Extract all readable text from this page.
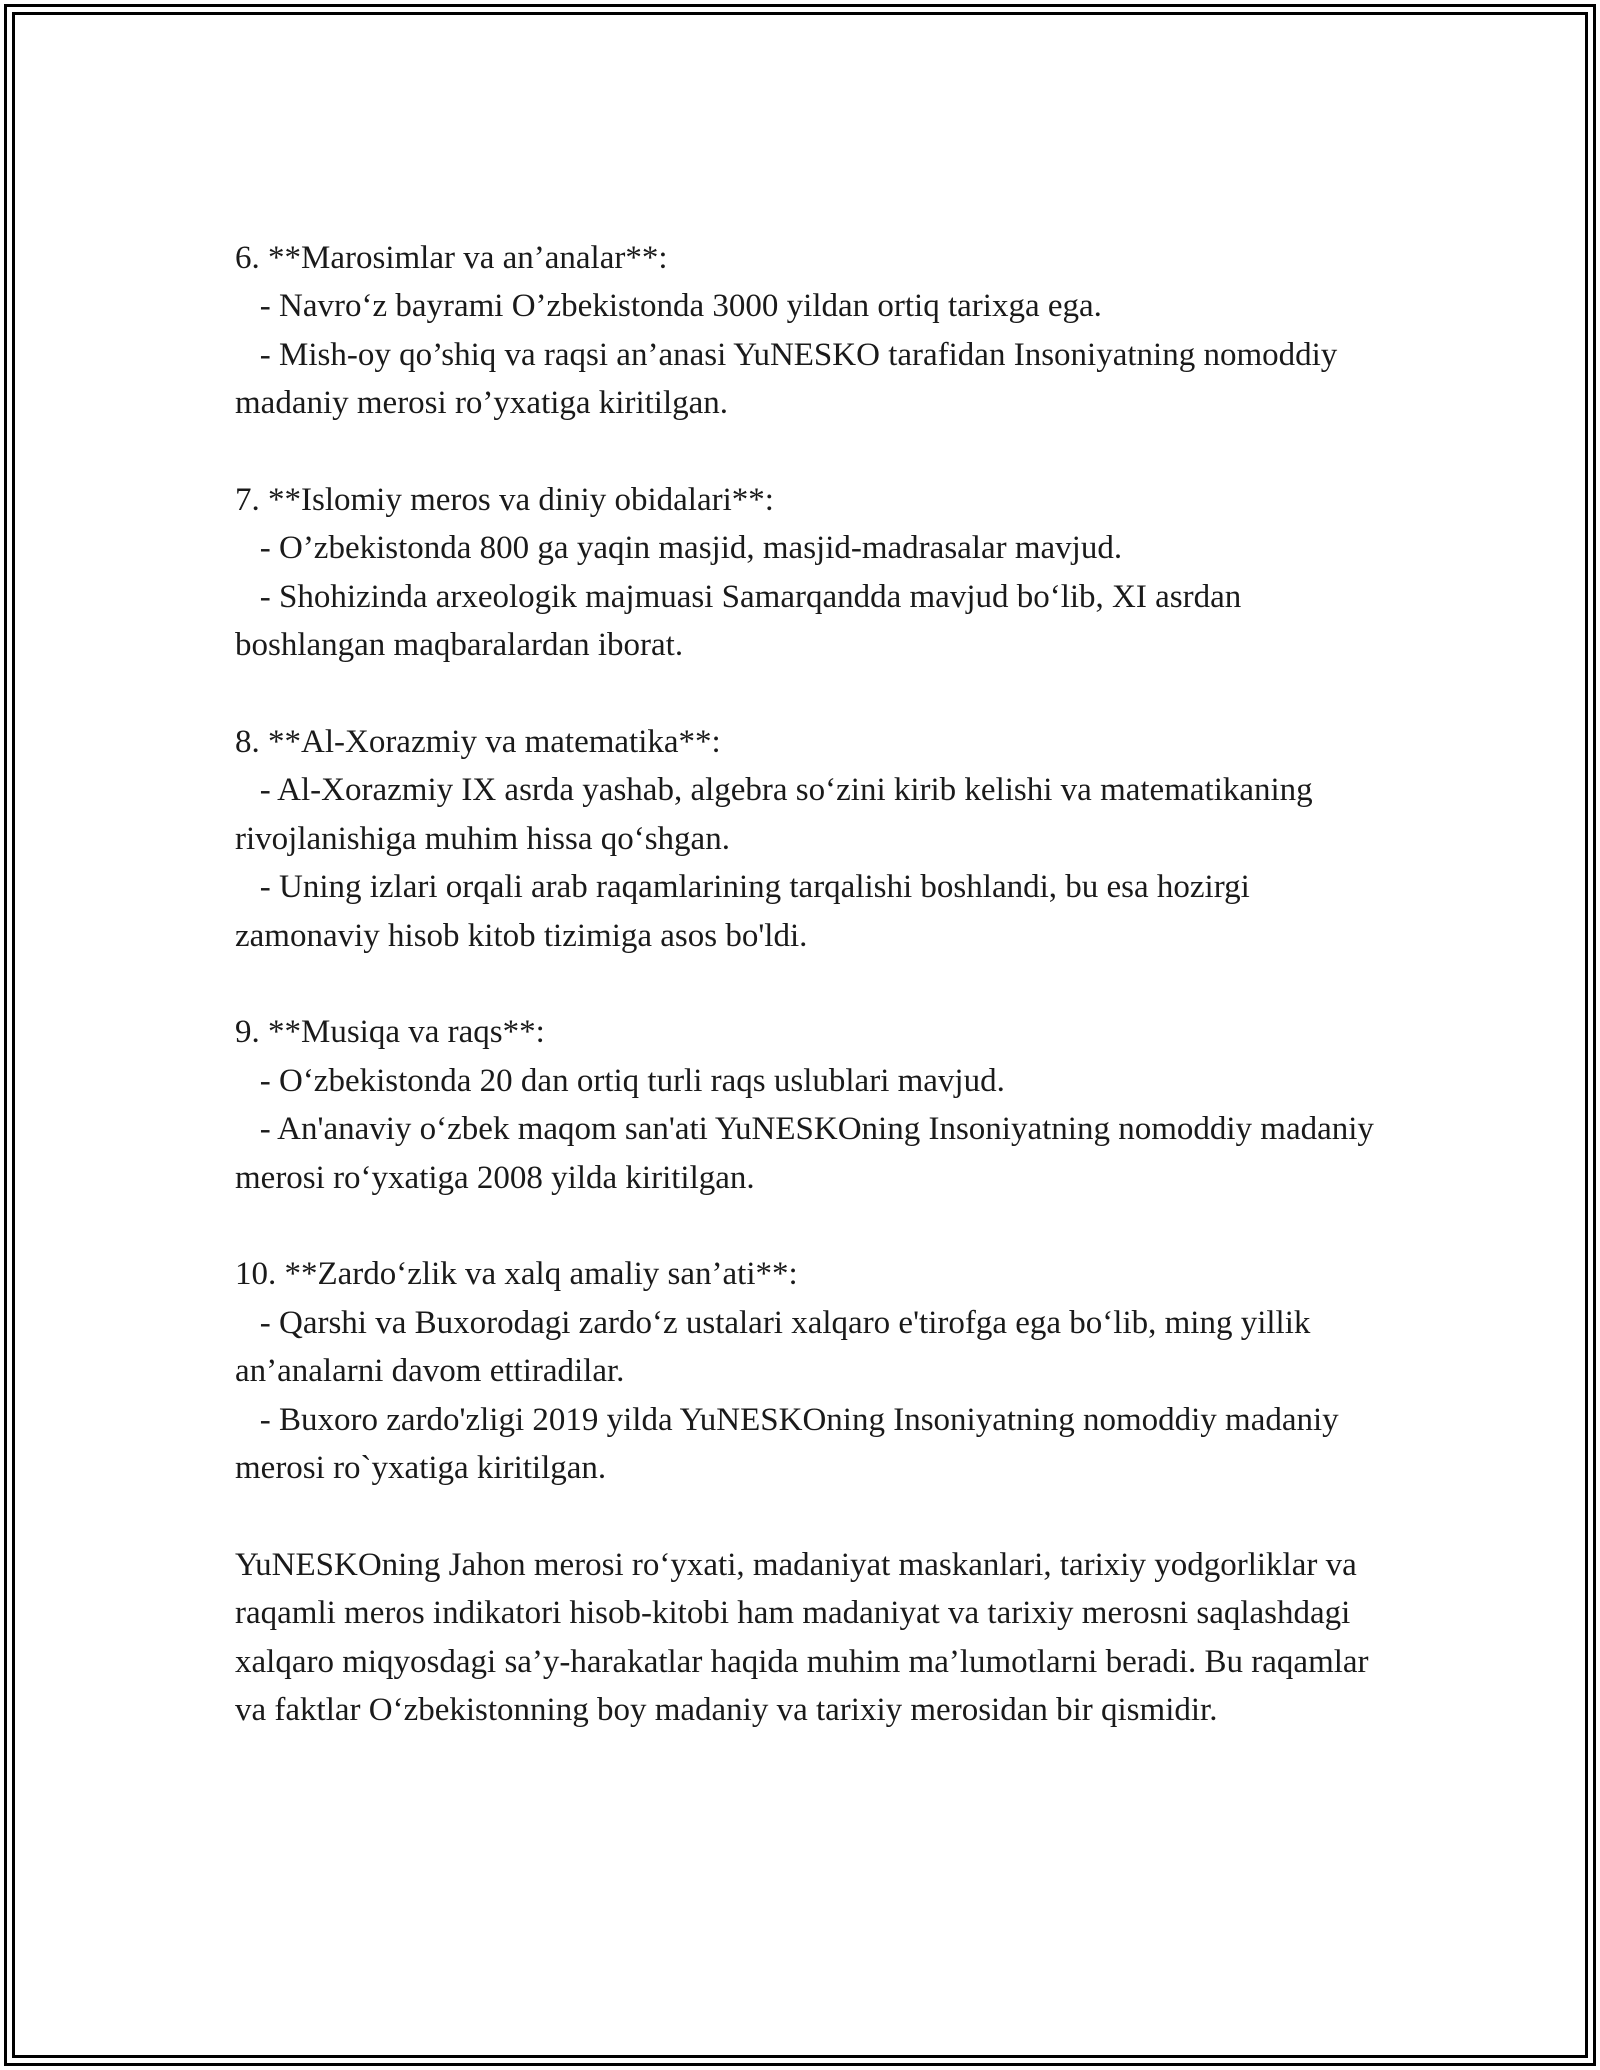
6. **Marosimlar va an’analar**:
- Navro‘z bayrami O’zbekistonda 3000 yildan ortiq tarixga ega.
- Mish-oy qo’shiq va raqsi an’anasi YuNESKO tarafidan Insoniyatning nomoddiy madaniy merosi ro’yxatiga kiritilgan.
7. **Islomiy meros va diniy obidalari**:
- O’zbekistonda 800 ga yaqin masjid, masjid-madrasalar mavjud.
- Shohizinda arxeologik majmuasi Samarqandda mavjud bo‘lib, XI asrdan boshlangan maqbaralardan iborat.
8. **Al-Xorazmiy va matematika**:
- Al-Xorazmiy IX asrda yashab, algebra so‘zini kirib kelishi va matematikaning rivojlanishiga muhim hissa qo‘shgan.
- Uning izlari orqali arab raqamlarining tarqalishi boshlandi, bu esa hozirgi zamonaviy hisob kitob tizimiga asos bo'ldi.
9. **Musiqa va raqs**:
- O‘zbekistonda 20 dan ortiq turli raqs uslublari mavjud.
- An'anaviy o‘zbek maqom san'ati YuNESKOning Insoniyatning nomoddiy madaniy merosi ro‘yxatiga 2008 yilda kiritilgan.
10. **Zardo‘zlik va xalq amaliy san’ati**:
- Qarshi va Buxorodagi zardo‘z ustalari xalqaro e'tirofga ega bo‘lib, ming yillik an’analarni davom ettiradilar.
- Buxoro zardo'zligi 2019 yilda YuNESKOning Insoniyatning nomoddiy madaniy merosi ro`yxatiga kiritilgan.

YuNESKOning Jahon merosi ro‘yxati, madaniyat maskanlari, tarixiy yodgorliklar va raqamli meros indikatori hisob-kitobi ham madaniyat va tarixiy merosni saqlashdagi xalqaro miqyosdagi sa’y-harakatlar haqida muhim ma’lumotlarni beradi. Bu raqamlar va faktlar O‘zbekistonning boy madaniy va tarixiy merosidan bir qismidir.
